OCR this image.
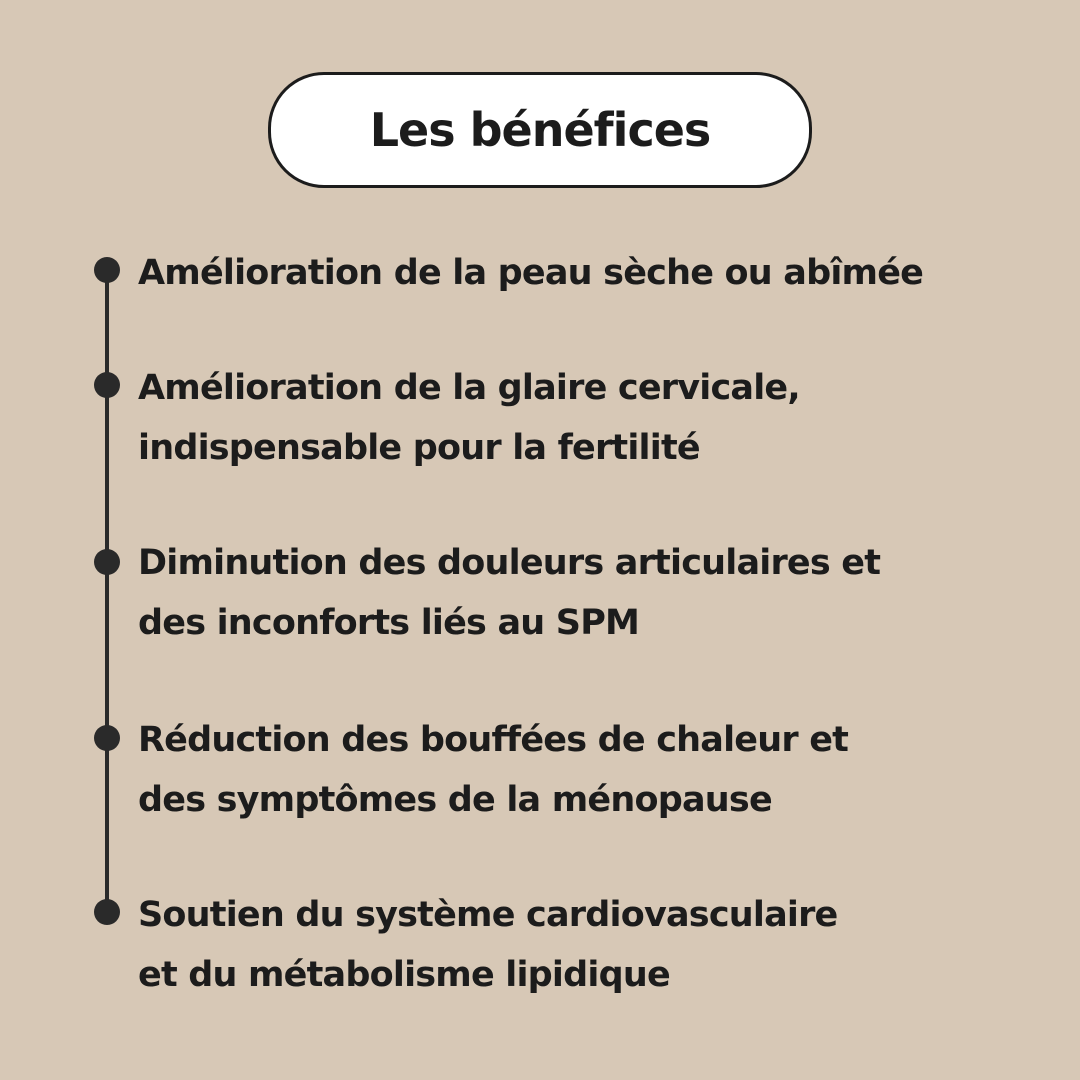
Les bénéfices
Amélioration de la peau sèche ou abîmée
Amélioration de la glaire cervicale,
indispensable pour la fertilité
Diminution des douleurs articulaires et
des inconforts liés au SPM
Réduction des bouffées de chaleur et
des symptômes de la ménopause
Soutien du système cardiovasculaire
et du métabolisme lipidique
